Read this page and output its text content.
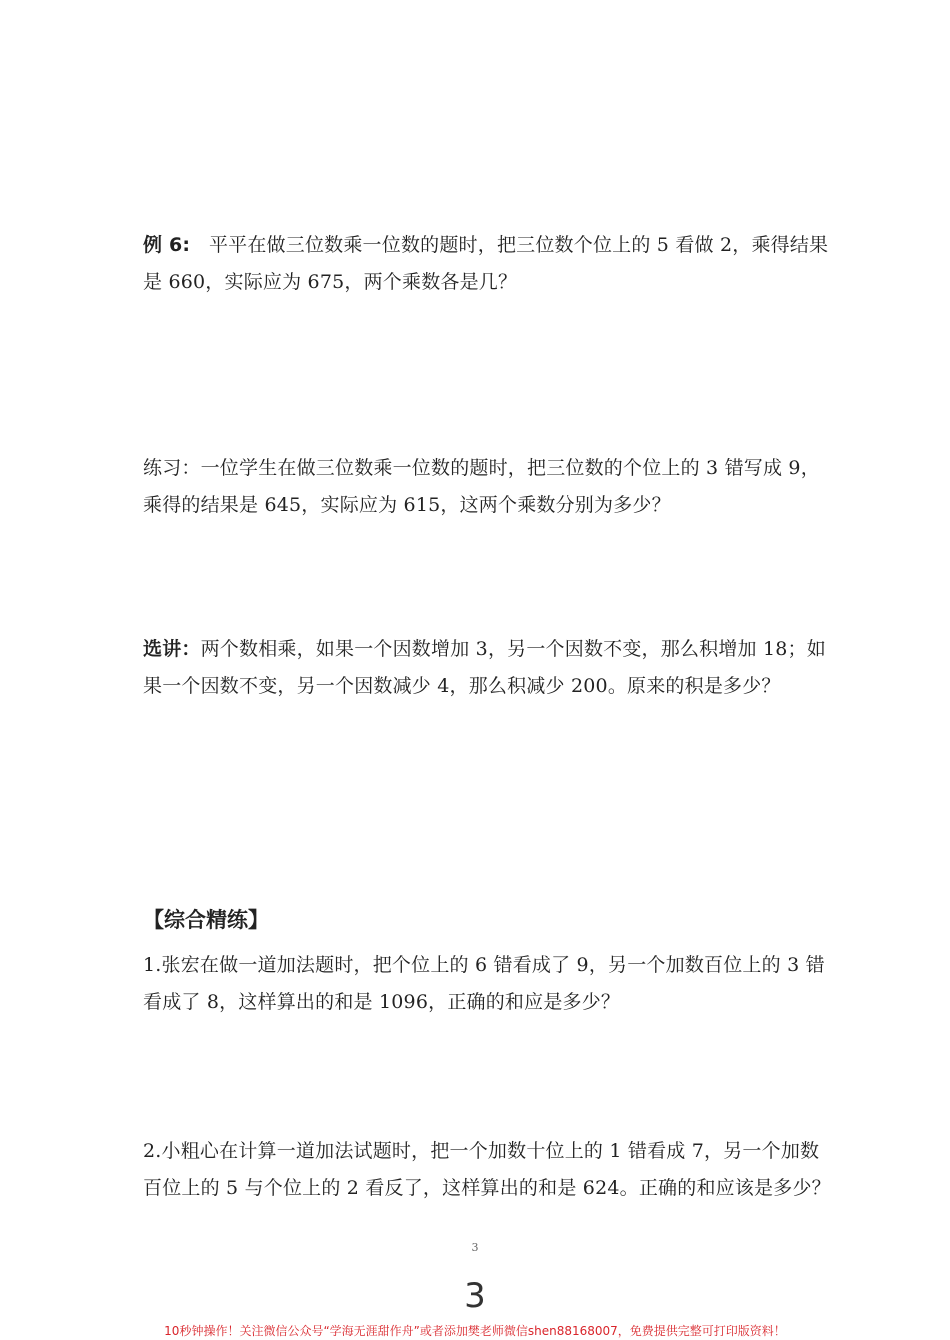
例 6: 平平在做三位数乘一位数的题时，把三位数个位上的 5 看做 2，乘得结果
是 660，实际应为 675，两个乘数各是几？
练习：一位学生在做三位数乘一位数的题时，把三位数的个位上的 3 错写成 9，
乘得的结果是 645，实际应为 615，这两个乘数分别为多少？
选讲：两个数相乘，如果一个因数增加 3，另一个因数不变，那么积增加 18；如
果一个因数不变，另一个因数减少 4，那么积减少 200。原来的积是多少？
【综合精练】
1.张宏在做一道加法题时，把个位上的 6 错看成了 9，另一个加数百位上的 3 错
看成了 8，这样算出的和是 1096，正确的和应是多少？
2.小粗心在计算一道加法试题时，把一个加数十位上的 1 错看成 7，另一个加数
百位上的 5 与个位上的 2 看反了，这样算出的和是 624。正确的和应该是多少？
3
3
10秒钟操作！关注微信公众号“学海无涯甜作舟”或者添加樊老师微信shen88168007，免费提供完整可打印版资料！
